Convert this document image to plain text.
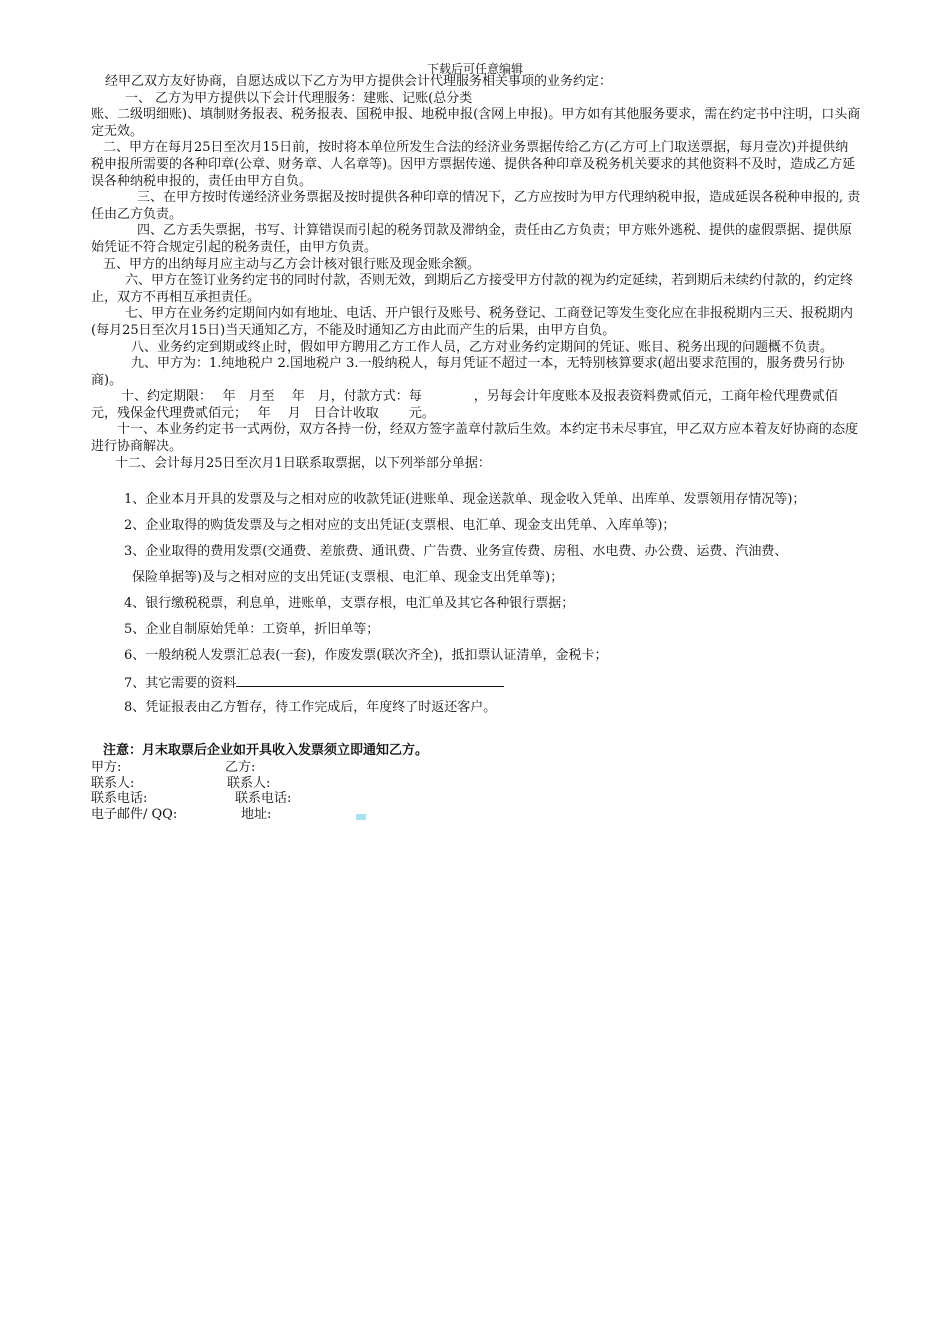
下载后可任意编辑

经甲乙双方友好协商，自愿达成以下乙方为甲方提供会计代理服务相关事项的业务约定：

一、 乙方为甲方提供以下会计代理服务：建账、记账(总分类

账、二级明细账)、填制财务报表、税务报表、国税申报、地税申报(含网上申报)。甲方如有其他服务要求，需在约定书中注明，口头商定无效。

二、甲方在每月25日至次月15日前，按时将本单位所发生合法的经济业务票据传给乙方(乙方可上门取送票据，每月壹次)并提供纳税申报所需要的各种印章(公章、财务章、人名章等)。因甲方票据传递、提供各种印章及税务机关要求的其他资料不及时，造成乙方延误各种纳税申报的，责任由甲方自负。

三、在甲方按时传递经济业务票据及按时提供各种印章的情况下，乙方应按时为甲方代理纳税申报，造成延误各税种申报的, 责任由乙方负责。

四、乙方丢失票据，书写、计算错误而引起的税务罚款及滞纳金，责任由乙方负责；甲方账外逃税、提供的虚假票据、提供原始凭证不符合规定引起的税务责任，由甲方负责。

五、甲方的出纳每月应主动与乙方会计核对银行账及现金账余额。

六、甲方在签订业务约定书的同时付款，否则无效，到期后乙方接受甲方付款的视为约定延续，若到期后未续约付款的，约定终止，双方不再相互承担责任。

七、甲方在业务约定期间内如有地址、电话、开户银行及账号、税务登记、工商登记等发生变化应在非报税期内三天、报税期内(每月25日至次月15日)当天通知乙方，不能及时通知乙方由此而产生的后果，由甲方自负。

八、业务约定到期或终止时，假如甲方聘用乙方工作人员，乙方对业务约定期间的凭证、账目、税务出现的问题概不负责。

九、甲方为：1.纯地税户 2.国地税户 3.一般纳税人，每月凭证不超过一本，无特别核算要求(超出要求范围的，服务费另行协商)。

十、约定期限：　 年　月至　 年　月，付款方式：每　　　　，另每会计年度账本及报表资料费贰佰元，工商年检代理费贰佰元，残保金代理费贰佰元；　 年　 月　日合计收取　　 元。

十一、本业务约定书一式两份，双方各持一份，经双方签字盖章付款后生效。本约定书未尽事宜，甲乙双方应本着友好协商的态度进行协商解决。

十二、会计每月25日至次月1日联系取票据，以下列举部分单据：

1、企业本月开具的发票及与之相对应的收款凭证(进账单、现金送款单、现金收入凭单、出库单、发票领用存情况等)；

2、企业取得的购货发票及与之相对应的支出凭证(支票根、电汇单、现金支出凭单、入库单等)；

3、企业取得的费用发票(交通费、差旅费、通讯费、广告费、业务宣传费、房租、水电费、办公费、运费、汽油费、

保险单据等)及与之相对应的支出凭证(支票根、电汇单、现金支出凭单等)；

4、银行缴税税票，利息单，进账单，支票存根，电汇单及其它各种银行票据；

5、企业自制原始凭单：工资单，折旧单等；

6、一般纳税人发票汇总表(一套)，作废发票(联次齐全)，抵扣票认证清单，金税卡；

7、其它需要的资料

8、凭证报表由乙方暂存，待工作完成后，年度终了时返还客户。

注意：月末取票后企业如开具收入发票须立即通知乙方。
甲方:	乙方:
联系人:	联系人:
联系电话:	联系电话:
电子邮件/ QQ:	地址:
